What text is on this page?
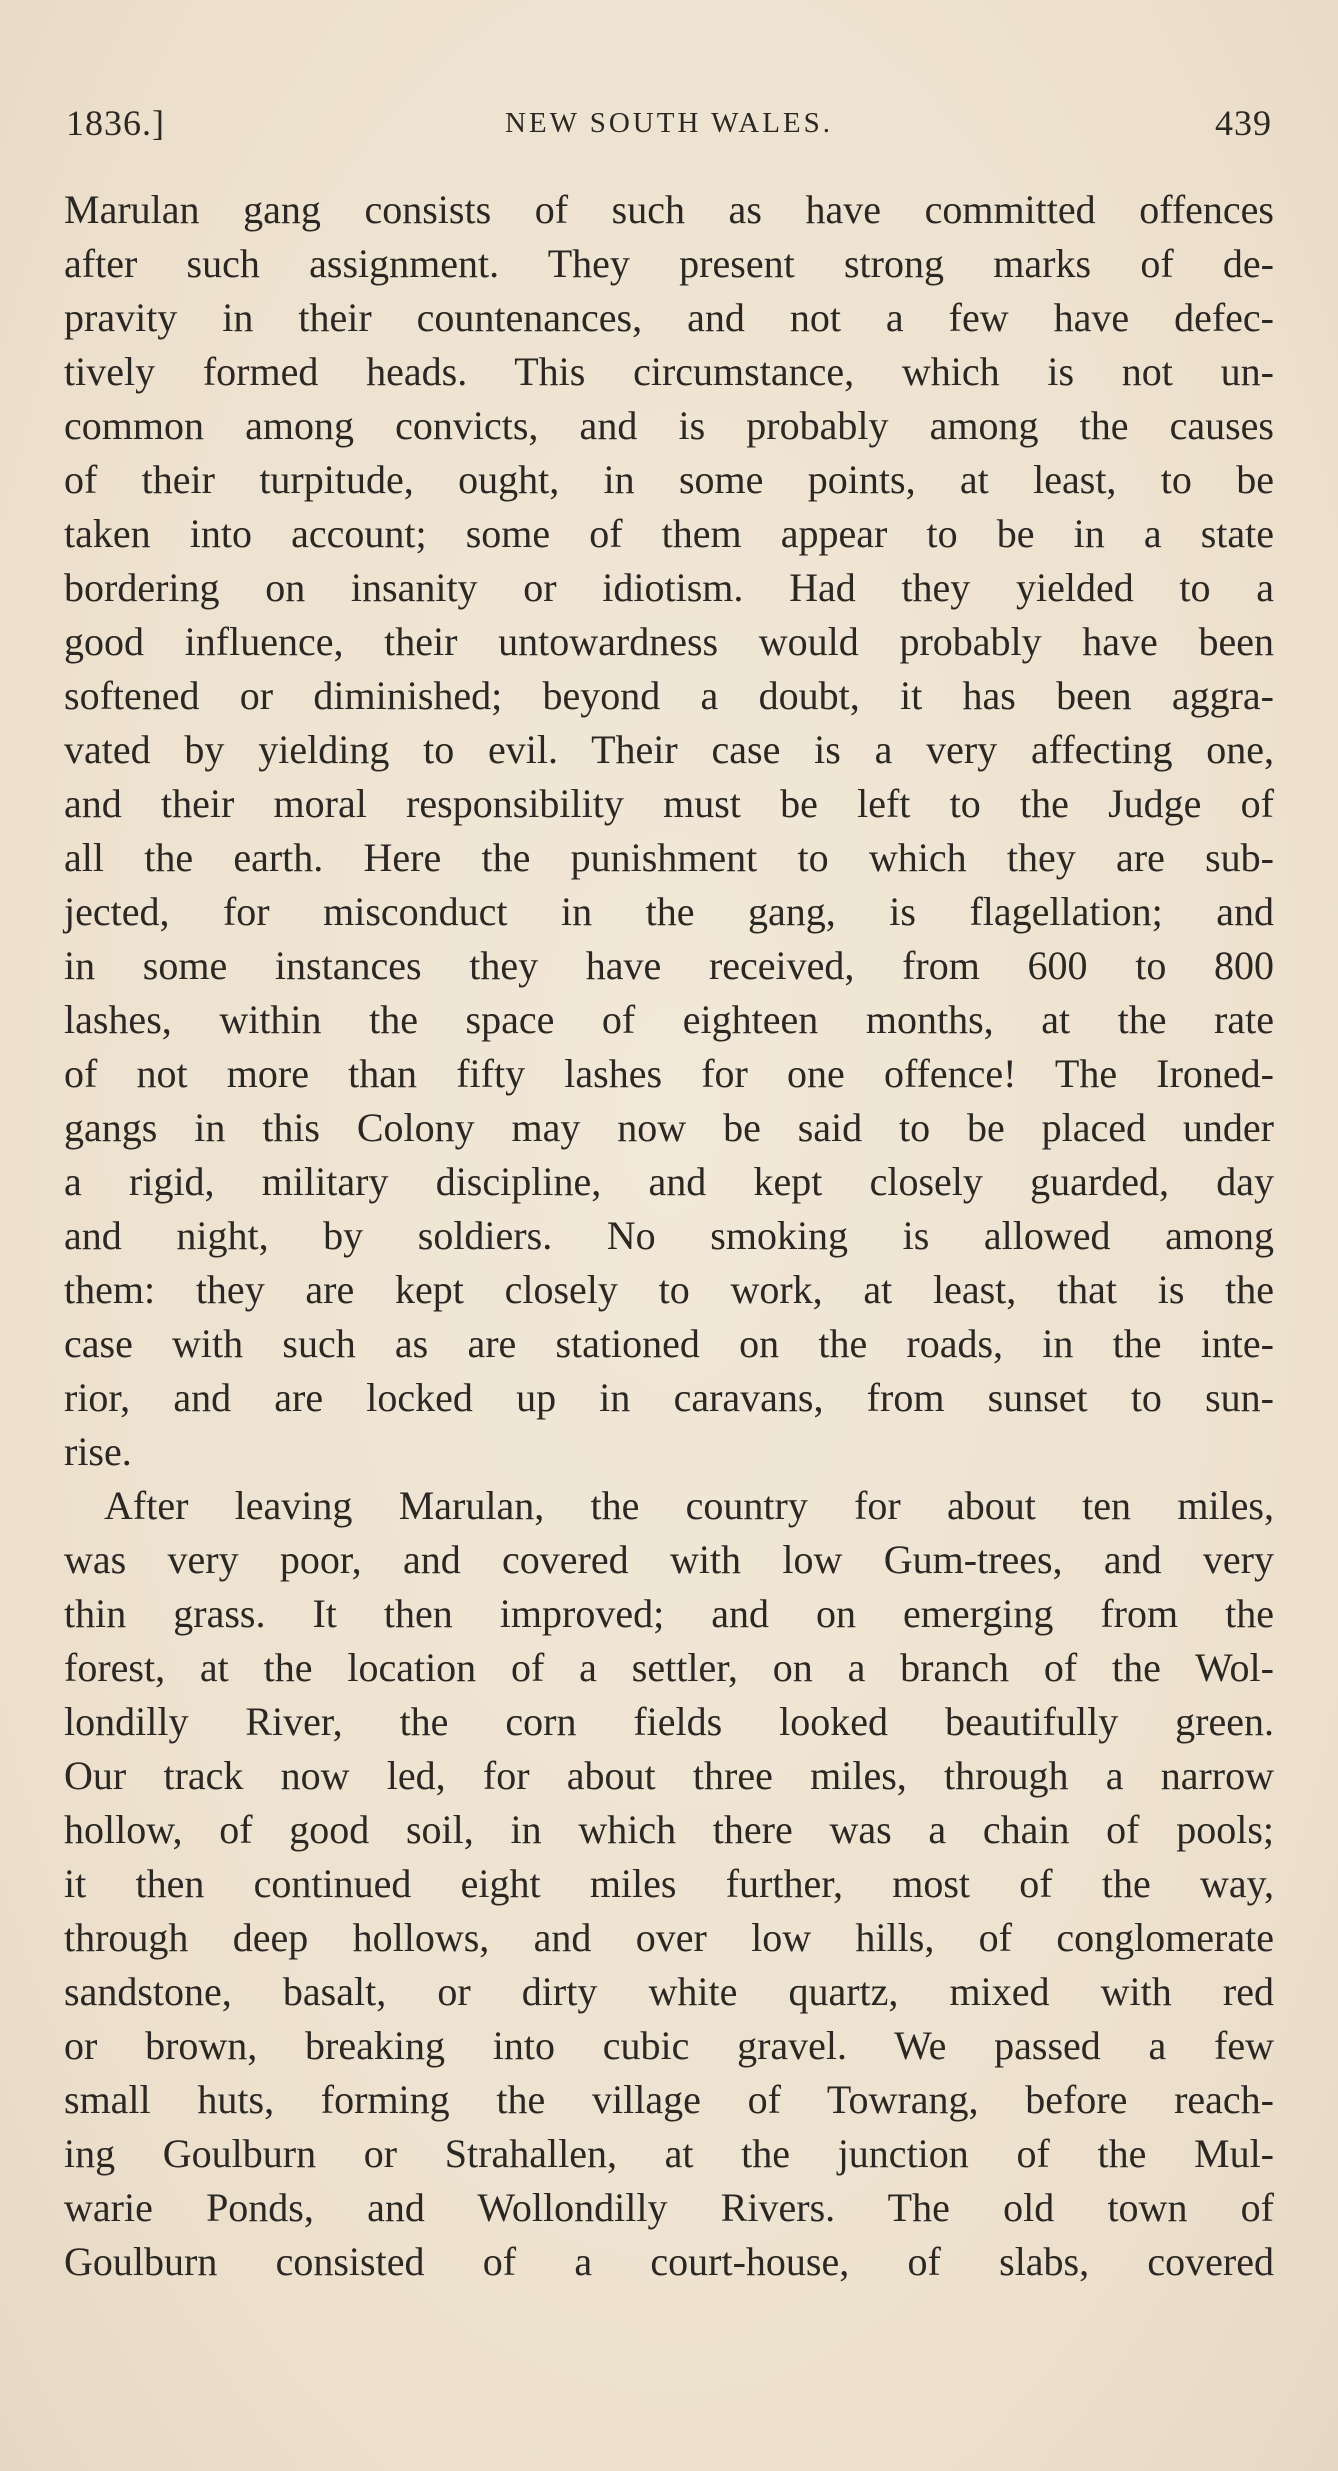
1836.]	NEW SOUTH WALES.	439
Marulan gang consists of such as have committed offences
after such assignment. They present strong marks of de-
pravity in their countenances, and not a few have defec-
tively formed heads. This circumstance, which is not un-
common among convicts, and is probably among the causes
of their turpitude, ought, in some points, at least, to be
taken into account; some of them appear to be in a state
bordering on insanity or idiotism. Had they yielded to a
good influence, their untowardness would probably have been
softened or diminished; beyond a doubt, it has been aggra-
vated by yielding to evil. Their case is a very affecting one,
and their moral responsibility must be left to the Judge of
all the earth. Here the punishment to which they are sub-
jected, for misconduct in the gang, is flagellation; and
in some instances they have received, from 600 to 800
lashes, within the space of eighteen months, at the rate
of not more than fifty lashes for one offence! The Ironed-
gangs in this Colony may now be said to be placed under
a rigid, military discipline, and kept closely guarded, day
and night, by soldiers. No smoking is allowed among
them: they are kept closely to work, at least, that is the
case with such as are stationed on the roads, in the inte-
rior, and are locked up in caravans, from sunset to sun-
rise.
After leaving Marulan, the country for about ten miles,
was very poor, and covered with low Gum-trees, and very
thin grass. It then improved; and on emerging from the
forest, at the location of a settler, on a branch of the Wol-
londilly River, the corn fields looked beautifully green.
Our track now led, for about three miles, through a narrow
hollow, of good soil, in which there was a chain of pools;
it then continued eight miles further, most of the way,
through deep hollows, and over low hills, of conglomerate
sandstone, basalt, or dirty white quartz, mixed with red
or brown, breaking into cubic gravel. We passed a few
small huts, forming the village of Towrang, before reach-
ing Goulburn or Strahallen, at the junction of the Mul-
warie Ponds, and Wollondilly Rivers. The old town of
Goulburn consisted of a court-house, of slabs, covered
